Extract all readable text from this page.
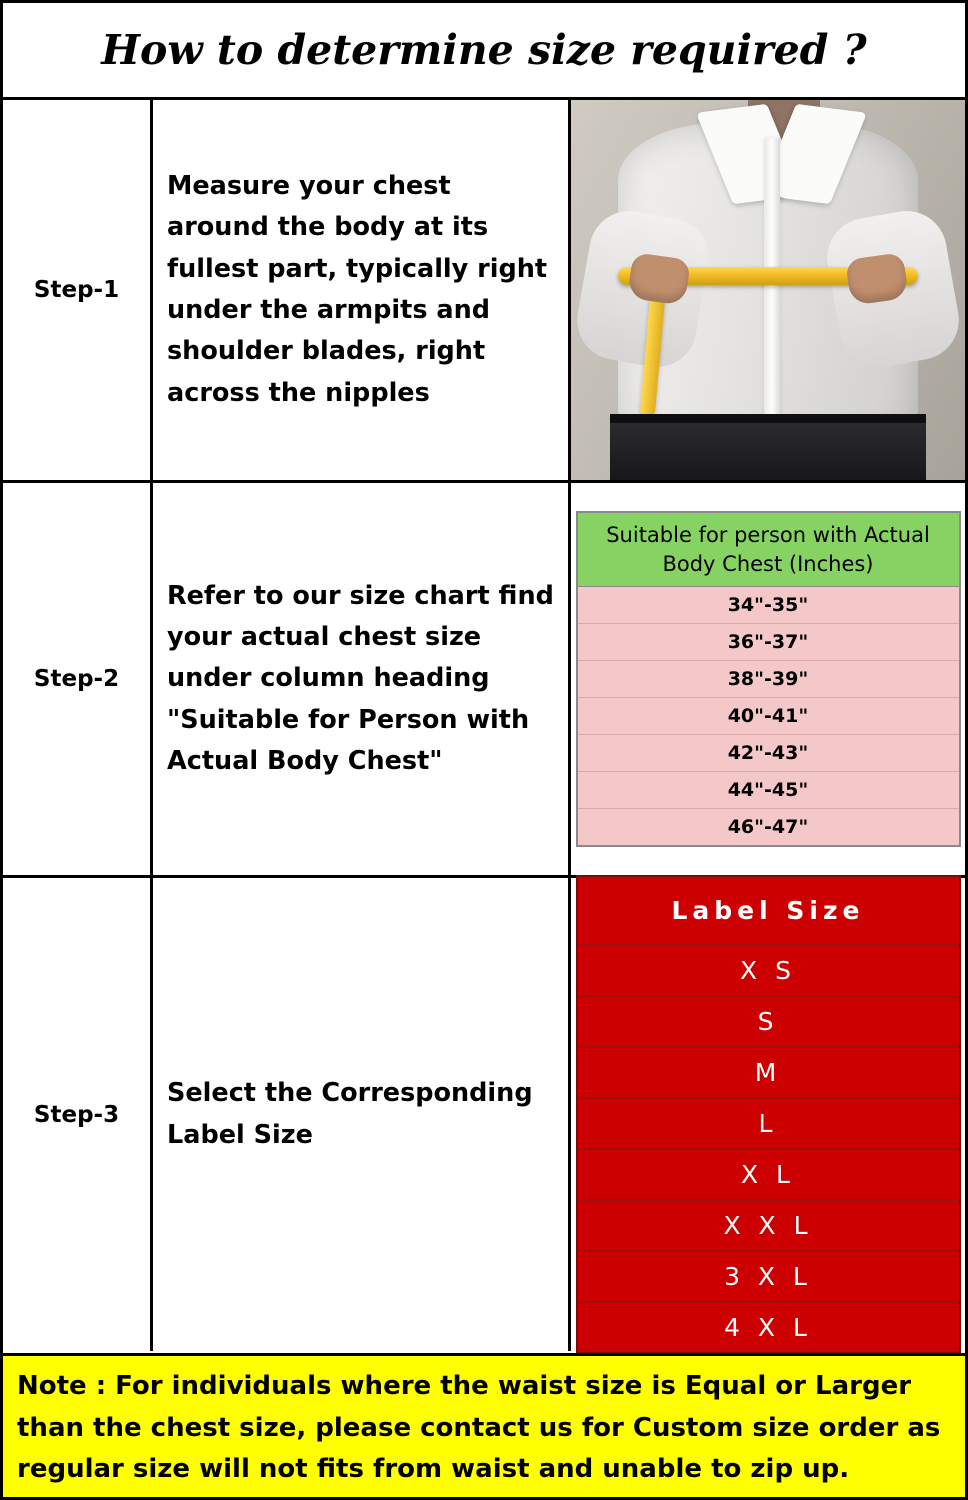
How to determine size required ?
Step-1
Measure your chest around the body at its fullest part, typically right under the armpits and shoulder blades, right across the nipples
Step-2
Refer to our size chart find your actual chest size under column heading "Suitable for Person with Actual Body Chest"
Suitable for person with Actual Body Chest (Inches)
34"-35"
36"-37"
38"-39"
40"-41"
42"-43"
44"-45"
46"-47"
Step-3
Select the Corresponding Label Size
Label Size
X S
S
M
L
X L
X X L
3 X L
4 X L
Note : For individuals where the waist size is Equal or Larger than the chest size, please contact us for Custom size order as regular size will not fits from waist and unable to zip up.
